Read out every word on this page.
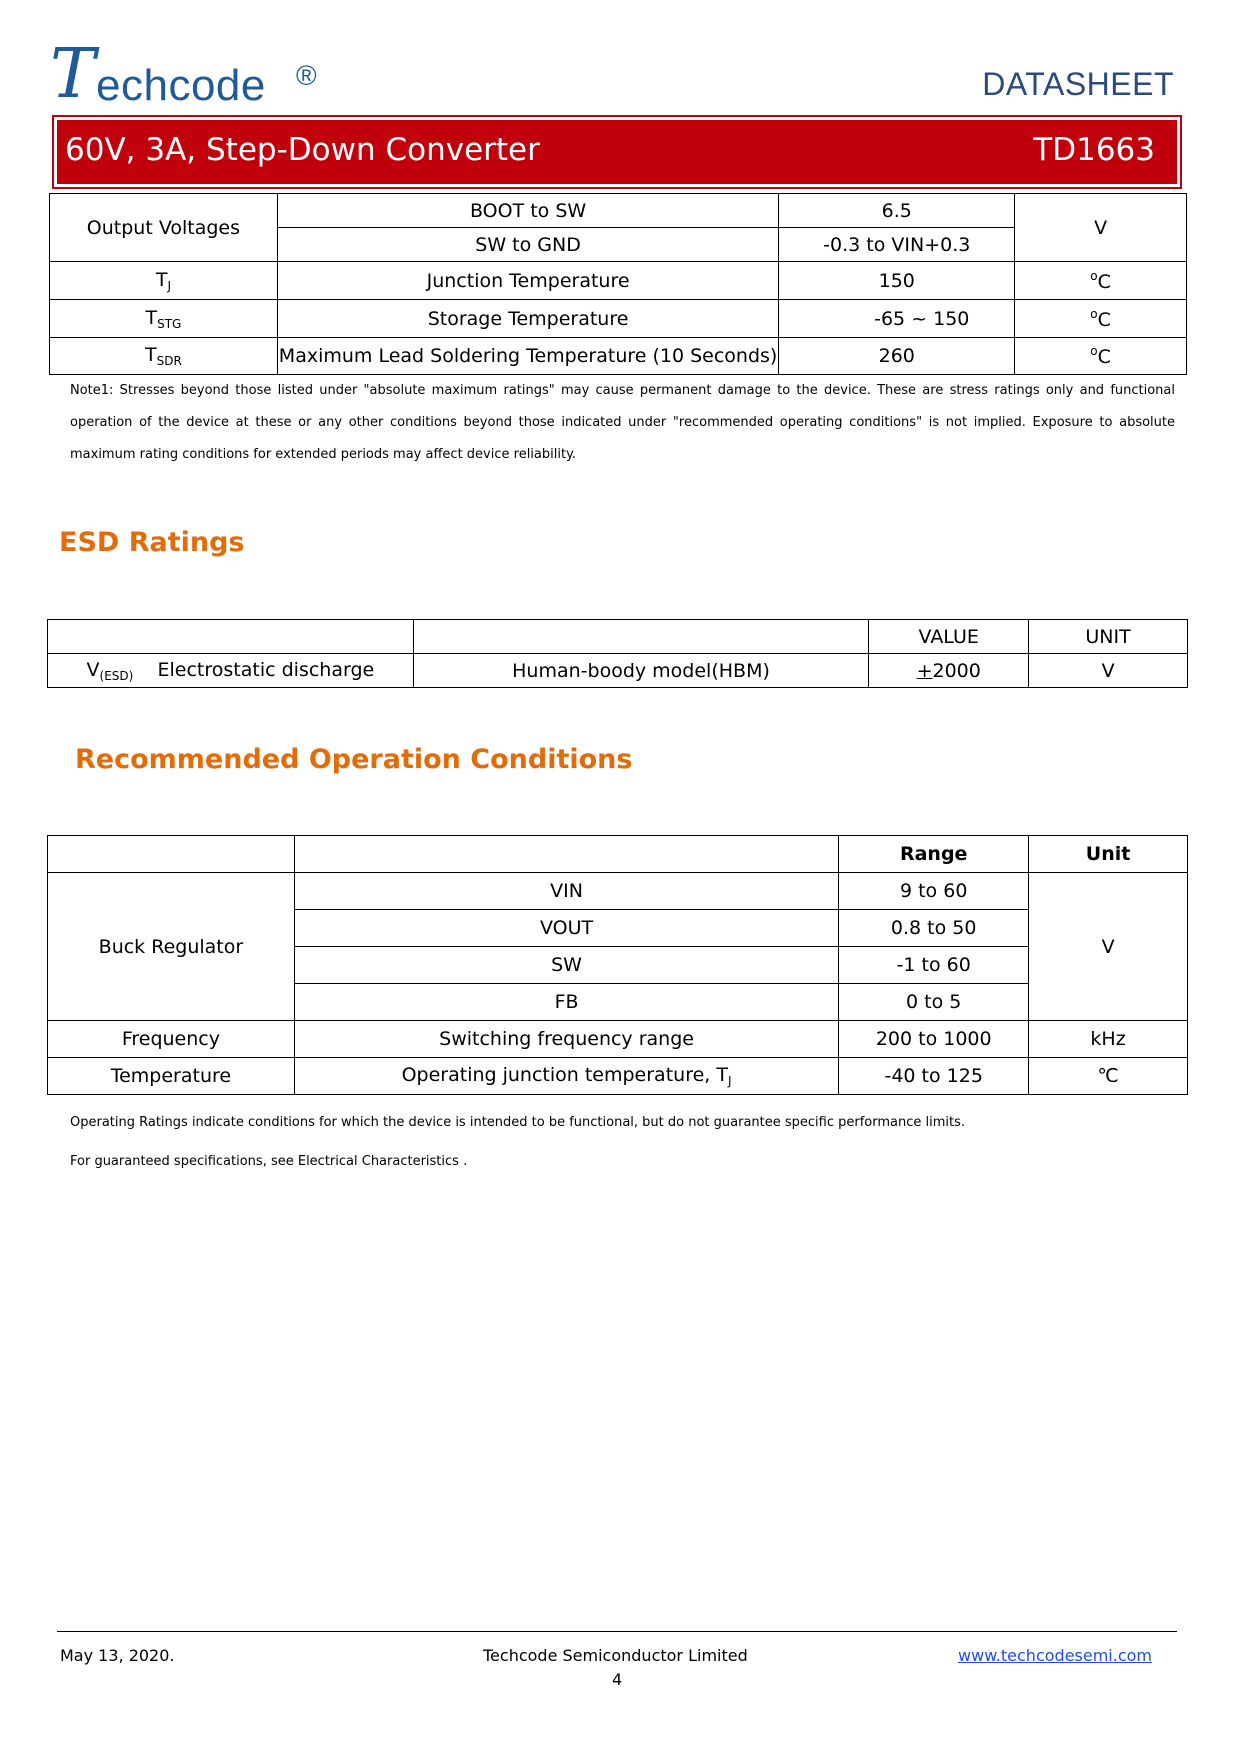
T echcode ®	DATASHEET
60V, 3A, Step-Down Converter	TD1663
Output Voltages	BOOT to SW	6.5	V
	SW to GND	-0.3 to VIN+0.3	
$T_J$	Junction Temperature	150	$^o$C
$T_{STG}$	Storage Temperature	-65 ~ 150	$^o$C
$T_{SDR}$	Maximum Lead Soldering Temperature (10 Seconds)	260	$^o$C
Note1: Stresses beyond those listed under "absolute maximum ratings" may cause permanent damage to the device. These are stress ratings only and functional operation of the device at these or any other conditions beyond those indicated under "recommended operating conditions" is not implied. Exposure to absolute maximum rating conditions for extended periods may affect device reliability.
ESD Ratings
		VALUE	UNIT
$V_{(ESD)}$ Electrostatic discharge	Human-boody model(HBM)	+2000	V
Recommended Operation Conditions
		Range	Unit
Buck Regulator	VIN	9 to 60	V
	VOUT	0.8 to 50	
	SW	-1 to 60	
	FB	0 to 5	
Frequency	Switching frequency range	200 to 1000	kHz
Temperature	Operating junction temperature, $T_J$	-40 to 125	℃
Operating Ratings indicate conditions for which the device is intended to be functional, but do not guarantee specific performance limits.
For guaranteed specifications, see Electrical Characteristics .
May 13, 2020.	Techcode Semiconductor Limited
4
www.techcodesemi.com
